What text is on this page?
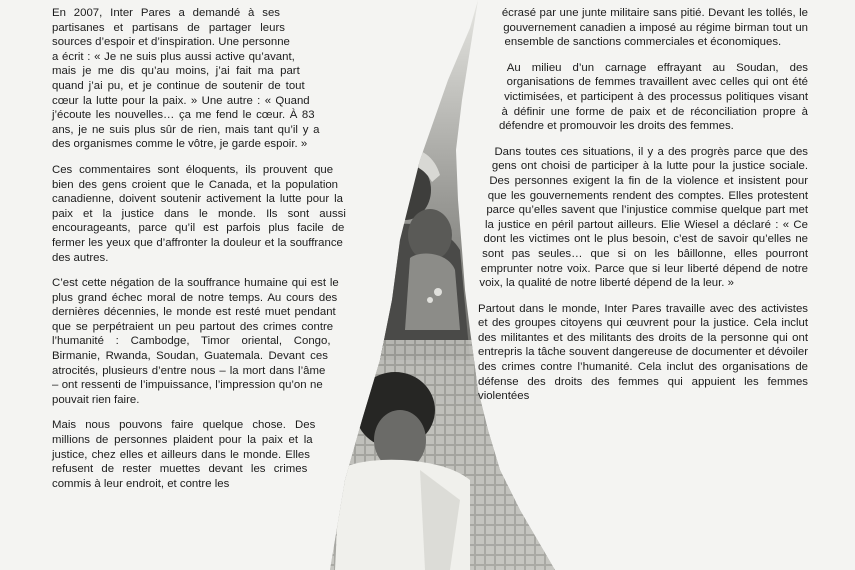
En 2007, Inter Pares a demandé à ses partisanes et partisans de partager leurs sources d’espoir et d’inspiration. Une personne a écrit : « Je ne suis plus aussi active qu’avant, mais je me dis qu’au moins, j’ai fait ma part quand j’ai pu, et je continue de soutenir de tout cœur la lutte pour la paix. » Une autre : « Quand j’écoute les nouvelles… ça me fend le cœur. À 83 ans, je ne suis plus sûr de rien, mais tant qu’il y a des organismes comme le vôtre, je garde espoir. »

Ces commentaires sont éloquents, ils prouvent que bien des gens croient que le Canada, et la population canadienne, doivent soutenir activement la lutte pour la paix et la justice dans le monde. Ils sont aussi encourageants, parce qu’il est parfois plus facile de fermer les yeux que d’affronter la douleur et la souffrance des autres.

C’est cette négation de la souffrance humaine qui est le plus grand échec moral de notre temps. Au cours des dernières décennies, le monde est resté muet pendant que se perpétraient un peu partout des crimes contre l’humanité : Cambodge, Timor oriental, Congo, Birmanie, Rwanda, Soudan, Guatemala. Devant ces atrocités, plusieurs d’entre nous – la mort dans l’âme – ont ressenti de l’impuissance, l’impression qu’on ne pouvait rien faire.

Mais nous pouvons faire quelque chose. Des millions de personnes plaident pour la paix et la justice, chez elles et ailleurs dans le monde. Elles refusent de rester muettes devant les crimes commis à leur endroit, et contre les

écrasé par une junte militaire sans pitié. Devant les tollés, le gouvernement canadien a imposé au régime birman tout un ensemble de sanctions commerciales et économiques.

Au milieu d’un carnage effrayant au Soudan, des organisations de femmes travaillent avec celles qui ont été victimisées, et participent à des processus politiques visant à définir une forme de paix et de réconciliation propre à défendre et promouvoir les droits des femmes.

Dans toutes ces situations, il y a des progrès parce que des gens ont choisi de participer à la lutte pour la justice sociale. Des personnes exigent la fin de la violence et insistent pour que les gouvernements rendent des comptes. Elles protestent parce qu’elles savent que l’injustice commise quelque part met la justice en péril partout ailleurs. Elie Wiesel a déclaré : « Ce dont les victimes ont le plus besoin, c’est de savoir qu’elles ne sont pas seules… que si on les bâillonne, elles pourront emprunter notre voix. Parce que si leur liberté dépend de notre voix, la qualité de notre liberté dépend de la leur. »

Partout dans le monde, Inter Pares travaille avec des activistes et des groupes citoyens qui œuvrent pour la justice. Cela inclut des militantes et des militants des droits de la personne qui ont entrepris la tâche souvent dangereuse de documenter et dévoiler des crimes contre l’humanité. Cela inclut des organisations de défense des droits des femmes qui appuient les femmes violentées
